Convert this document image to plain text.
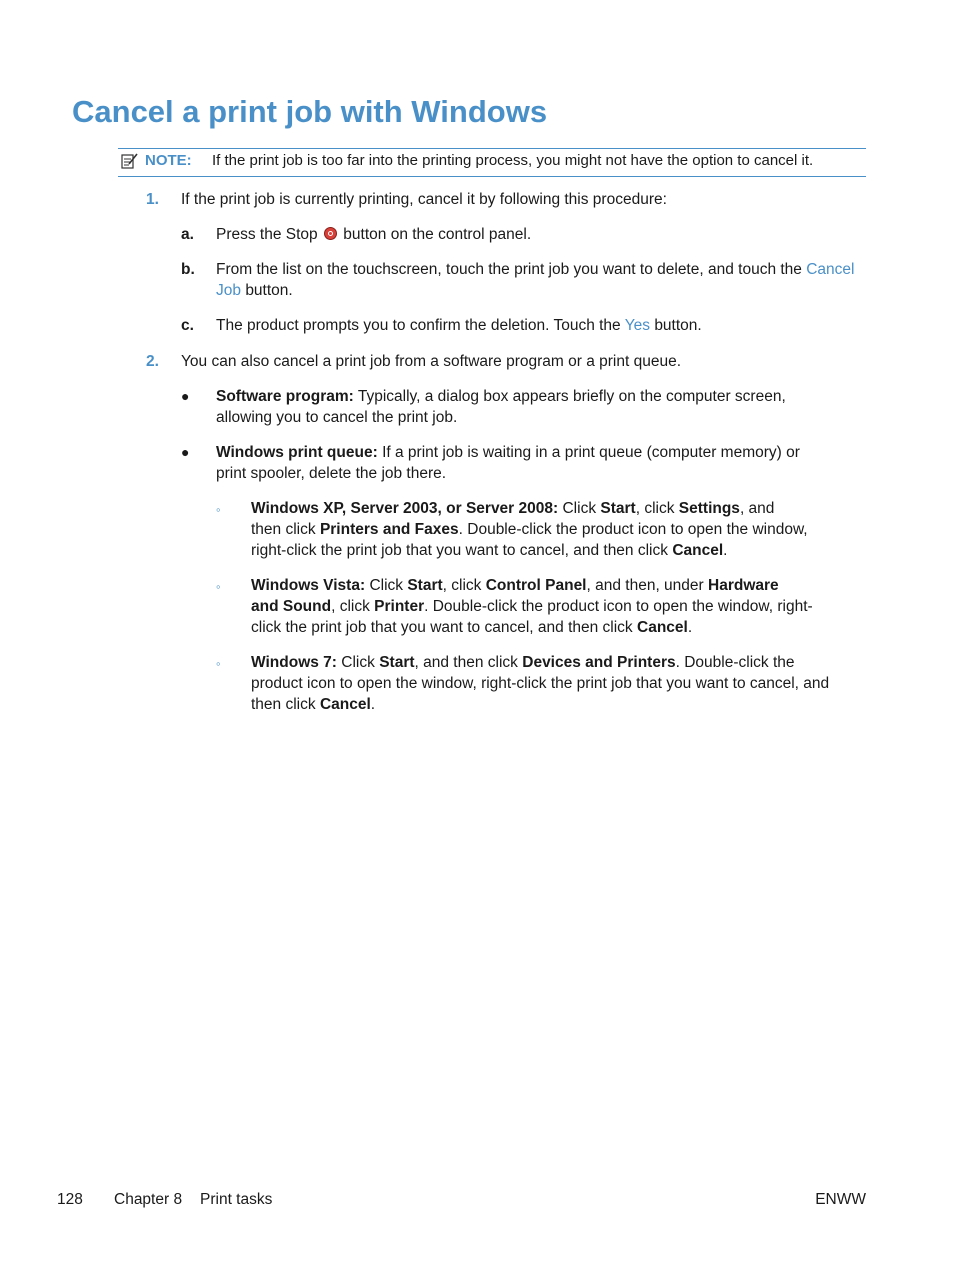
Cancel a print job with Windows
NOTE: If the print job is too far into the printing process, you might not have the option to cancel it.
1. If the print job is currently printing, cancel it by following this procedure:
a. Press the Stop button on the control panel.
b. From the list on the touchscreen, touch the print job you want to delete, and touch the Cancel
Job button.
c. The product prompts you to confirm the deletion. Touch the Yes button.
2. You can also cancel a print job from a software program or a print queue.
● Software program: Typically, a dialog box appears briefly on the computer screen,
allowing you to cancel the print job.
● Windows print queue: If a print job is waiting in a print queue (computer memory) or
print spooler, delete the job there.
◦ Windows XP, Server 2003, or Server 2008: Click Start, click Settings, and
then click Printers and Faxes. Double-click the product icon to open the window,
right-click the print job that you want to cancel, and then click Cancel.
◦ Windows Vista: Click Start, click Control Panel, and then, under Hardware
and Sound, click Printer. Double-click the product icon to open the window, right-
click the print job that you want to cancel, and then click Cancel.
◦ Windows 7: Click Start, and then click Devices and Printers. Double-click the
product icon to open the window, right-click the print job that you want to cancel, and
then click Cancel.
128 Chapter 8 Print tasks	ENWW
